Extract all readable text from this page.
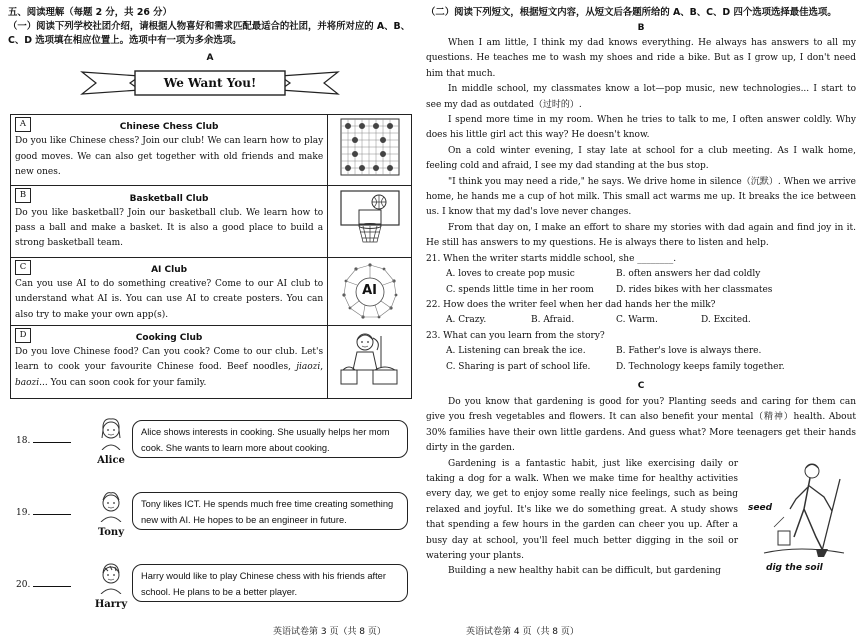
五、阅读理解（每题 2 分，共 26 分）
（一）阅读下列学校社团介绍，请根据人物喜好和需求匹配最适合的社团，并将所对应的 A、B、C、D 选项填在相应位置上。选项中有一项为多余选项。
A
We Want You!
A Chinese Chess Club
Do you like Chinese chess? Join our club! We can learn how to play good moves. We can also get together with old friends and make new ones.

B Basketball Club
Do you like basketball? Join our basketball club. We learn how to pass a ball and make a basket. It is also a good place to build a strong basketball team.

C AI Club
Can you use AI to do something creative? Come to our AI club to understand what AI is. You can use AI to create posters. You can also try to make your own app(s).	AI

D Cooking Club
Do you love Chinese food? Can you cook? Come to our club. Let's learn to cook your favourite Chinese food. Beef noodles, jiaozi, baozi... You can soon cook for your family.

18.
Alice
Alice shows interests in cooking. She usually helps her mom cook. She wants to learn more about cooking.
19.
Tony
Tony likes ICT. He spends much free time creating something new with AI. He hopes to be an engineer in future.
20.
Harry
Harry would like to play Chinese chess with his friends after school. He plans to be a better player.
英语试卷第 3 页（共 8 页）
（二）阅读下列短文，根据短文内容，从短文后各题所给的 A、B、C、D 四个选项选择最佳选项。
B

When I am little, I think my dad knows everything. He always has answers to all my questions. He teaches me to wash my shoes and ride a bike. But as I grow up, I don't need him that much.

In middle school, my classmates know a lot—pop music, new technologies... I start to see my dad as outdated（过时的）.

I spend more time in my room. When he tries to talk to me, I often answer coldly. Why does his little girl act this way? He doesn't know.

On a cold winter evening, I stay late at school for a club meeting. As I walk home, feeling cold and afraid, I see my dad standing at the bus stop.

"I think you may need a ride," he says. We drive home in silence（沉默）. When we arrive home, he hands me a cup of hot milk. This small act warms me up. It breaks the ice between us. I know that my dad's love never changes.

From that day on, I make an effort to share my stories with dad again and find joy in it. He still has answers to my questions. He is always there to listen and help.

21. When the writer starts middle school, she ________.
A. loves to create pop music	B. often answers her dad coldly
C. spends little time in her room	D. rides bikes with her classmates
22. How does the writer feel when her dad hands her the milk?
A. Crazy.	B. Afraid.	C. Warm.	D. Excited.
23. What can you learn from the story?
A. Listening can break the ice.	B. Father's love is always there.
C. Sharing is part of school life.	D. Technology keeps family together.
C

Do you know that gardening is good for you? Planting seeds and caring for them can give you fresh vegetables and flowers. It can also benefit your mental（精神）health. About 30% families have their own little gardens. And guess what? More teenagers get their hands dirty in the garden.

seed
dig the soil

Gardening is a fantastic habit, just like exercising daily or taking a dog for a walk. When we make time for healthy activities every day, we get to enjoy some really nice feelings, such as being relaxed and joyful. It's like we do something great. A study shows that spending a few hours in the garden can cheer you up. After a busy day at school, you'll feel much better digging in the soil or watering your plants.

Building a new healthy habit can be difficult, but gardening

英语试卷第 4 页（共 8 页）
